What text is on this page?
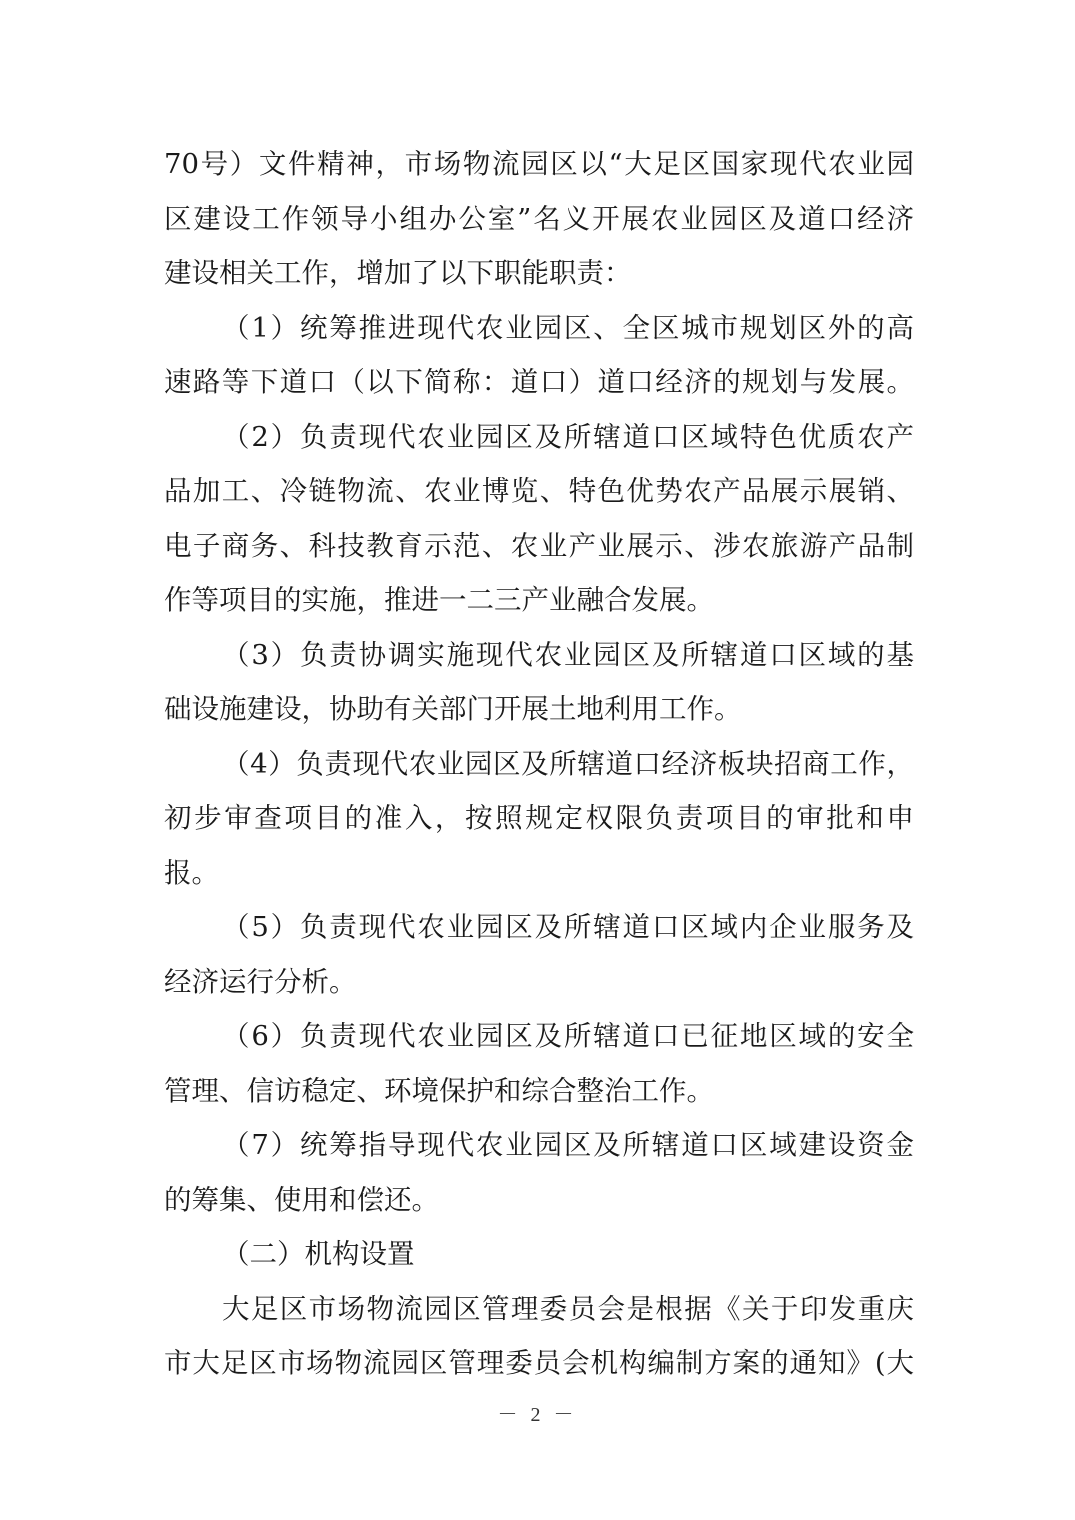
70号）文件精神，市场物流园区以“大足区国家现代农业园
区建设工作领导小组办公室”名义开展农业园区及道口经济
建设相关工作，增加了以下职能职责：
（1）统筹推进现代农业园区、全区城市规划区外的高
速路等下道口（以下简称：道口）道口经济的规划与发展。
（2）负责现代农业园区及所辖道口区域特色优质农产
品加工、冷链物流、农业博览、特色优势农产品展示展销、
电子商务、科技教育示范、农业产业展示、涉农旅游产品制
作等项目的实施，推进一二三产业融合发展。
（3）负责协调实施现代农业园区及所辖道口区域的基
础设施建设，协助有关部门开展土地利用工作。
（4）负责现代农业园区及所辖道口经济板块招商工作，
初步审查项目的准入，按照规定权限负责项目的审批和申
报。
（5）负责现代农业园区及所辖道口区域内企业服务及
经济运行分析。
（6）负责现代农业园区及所辖道口已征地区域的安全
管理、信访稳定、环境保护和综合整治工作。
（7）统筹指导现代农业园区及所辖道口区域建设资金
的筹集、使用和偿还。
（二）机构设置
大足区市场物流园区管理委员会是根据《关于印发重庆
市大足区市场物流园区管理委员会机构编制方案的通知》(大
－ 2 －
